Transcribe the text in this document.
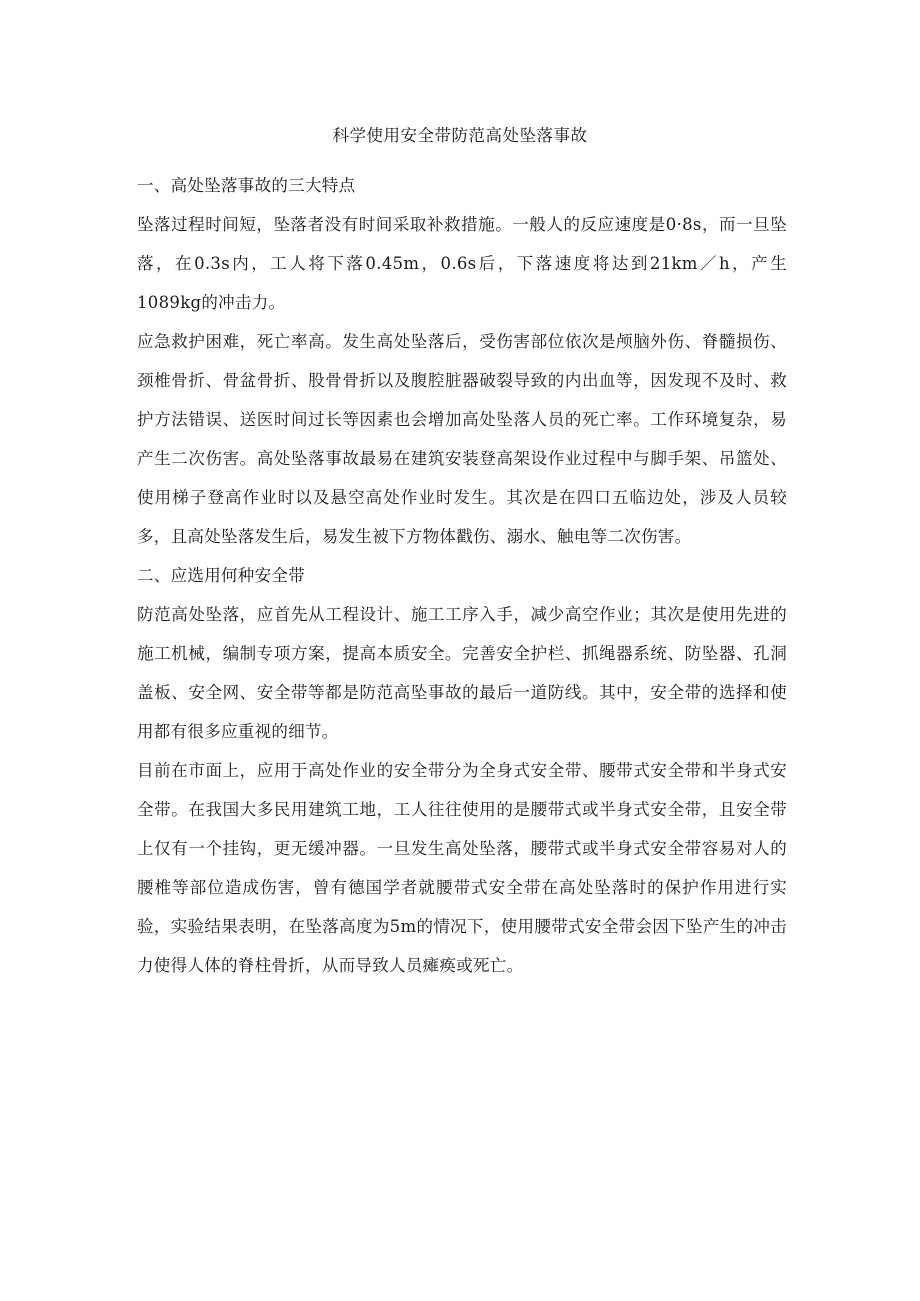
科学使用安全带防范高处坠落事故

一、高处坠落事故的三大特点

坠落过程时间短，坠落者没有时间采取补救措施。一般人的反应速度是0·8s，而一旦坠落，在0.3s内，工人将下落0.45m，0.6s后，下落速度将达到21km／h，产生1089kg的冲击力。

应急救护困难，死亡率高。发生高处坠落后，受伤害部位依次是颅脑外伤、脊髓损伤、颈椎骨折、骨盆骨折、股骨骨折以及腹腔脏器破裂导致的内出血等，因发现不及时、救护方法错误、送医时间过长等因素也会增加高处坠落人员的死亡率。工作环境复杂，易产生二次伤害。高处坠落事故最易在建筑安装登高架设作业过程中与脚手架、吊篮处、使用梯子登高作业时以及悬空高处作业时发生。其次是在四口五临边处，涉及人员较多，且高处坠落发生后，易发生被下方物体戳伤、溺水、触电等二次伤害。

二、应选用何种安全带

防范高处坠落，应首先从工程设计、施工工序入手，减少高空作业；其次是使用先进的施工机械，编制专项方案，提高本质安全。完善安全护栏、抓绳器系统、防坠器、孔洞盖板、安全网、安全带等都是防范高坠事故的最后一道防线。其中，安全带的选择和使用都有很多应重视的细节。

目前在市面上，应用于高处作业的安全带分为全身式安全带、腰带式安全带和半身式安全带。在我国大多民用建筑工地，工人往往使用的是腰带式或半身式安全带，且安全带上仅有一个挂钩，更无缓冲器。一旦发生高处坠落，腰带式或半身式安全带容易对人的腰椎等部位造成伤害，曾有德国学者就腰带式安全带在高处坠落时的保护作用进行实验，实验结果表明，在坠落高度为5m的情况下，使用腰带式安全带会因下坠产生的冲击力使得人体的脊柱骨折，从而导致人员瘫痪或死亡。
